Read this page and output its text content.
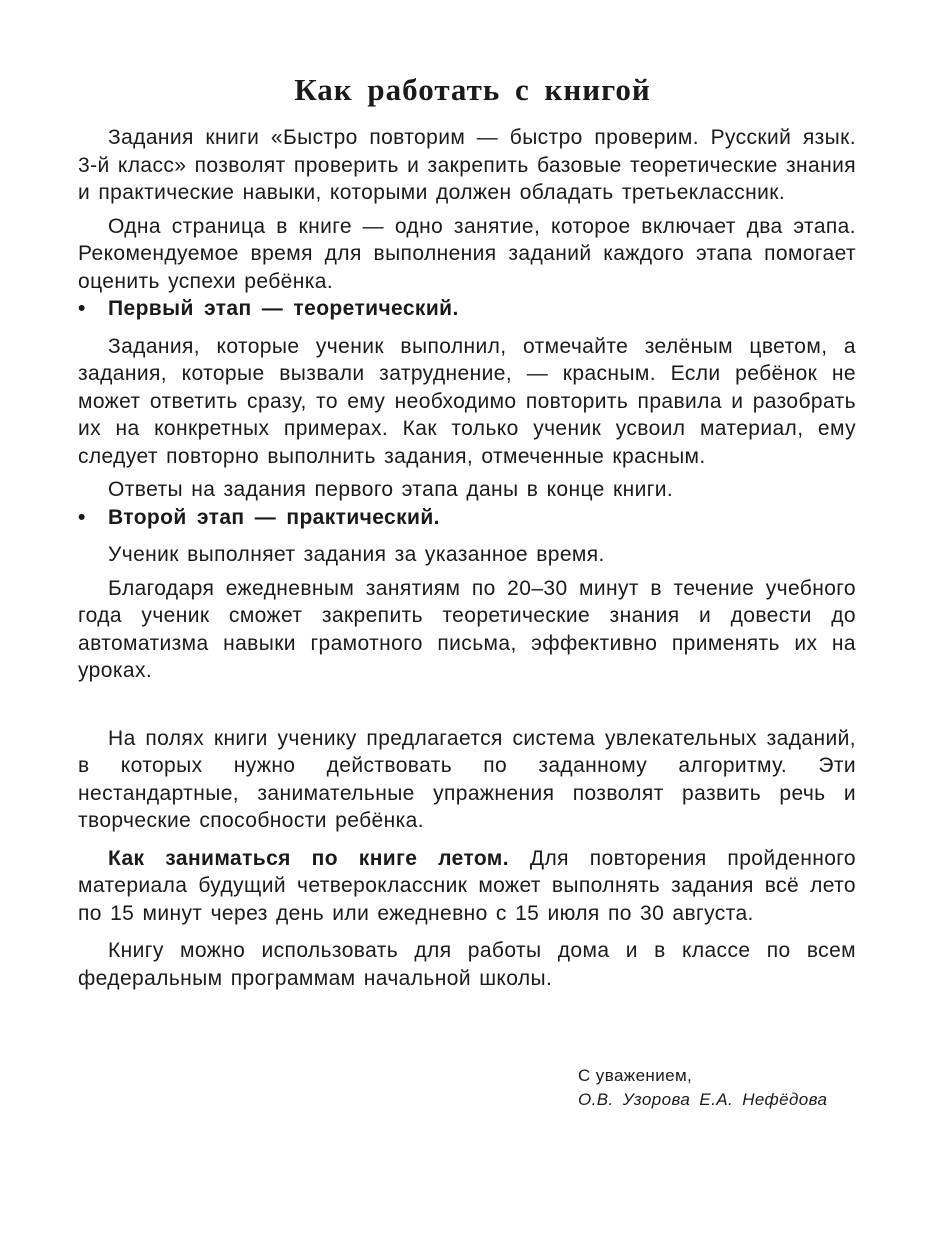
Как работать с книгой

Задания книги «Быстро повторим — быстро проверим. Русский язык. 3-й класс» позволят проверить и закрепить базовые теоретические знания и практические навыки, которыми должен обладать третьеклассник.

Одна страница в книге — одно занятие, которое включает два этапа. Рекомендуемое время для выполнения заданий каждого этапа помогает оценить успехи ребёнка.

• Первый этап — теоретический.

Задания, которые ученик выполнил, отмечайте зелёным цветом, а задания, которые вызвали затруднение, — красным. Если ребёнок не может ответить сразу, то ему необходимо повторить правила и разобрать их на конкретных примерах. Как только ученик усвоил материал, ему следует повторно выполнить задания, отмеченные красным.

Ответы на задания первого этапа даны в конце книги.

• Второй этап — практический.

Ученик выполняет задания за указанное время.

Благодаря ежедневным занятиям по 20–30 минут в течение учебного года ученик сможет закрепить теоретические знания и довести до автоматизма навыки грамотного письма, эффективно применять их на уроках.

На полях книги ученику предлагается система увлекательных заданий, в которых нужно действовать по заданному алгоритму. Эти нестандартные, занимательные упражнения позволят развить речь и творческие способности ребёнка.

Как заниматься по книге летом. Для повторения пройденного материала будущий четвероклассник может выполнять задания всё лето по 15 минут через день или ежедневно с 15 июля по 30 августа.

Книгу можно использовать для работы дома и в классе по всем федеральным программам начальной школы.

С уважением,
О.В. Узорова Е.А. Нефёдова
